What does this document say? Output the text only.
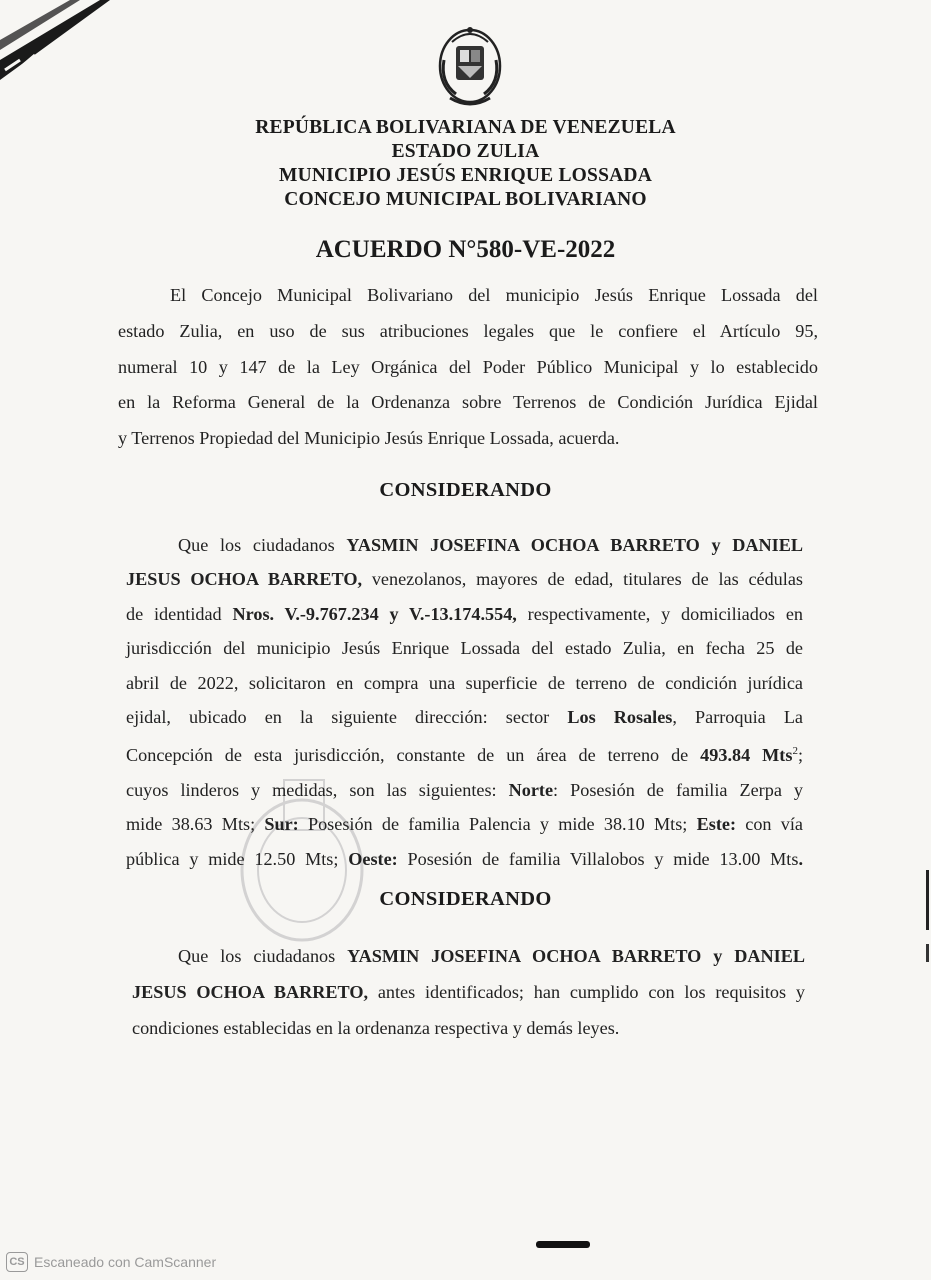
REPÚBLICA BOLIVARIANA DE VENEZUELA
ESTADO ZULIA
MUNICIPIO JESÚS ENRIQUE LOSSADA
CONCEJO MUNICIPAL BOLIVARIANO
ACUERDO N°580-VE-2022
El Concejo Municipal Bolivariano del municipio Jesús Enrique Lossada del
estado Zulia, en uso de sus atribuciones legales que le confiere el Artículo 95,
numeral 10 y 147 de la Ley Orgánica del Poder Público Municipal y lo establecido
en la Reforma General de la Ordenanza sobre Terrenos de Condición Jurídica Ejidal
y Terrenos Propiedad del Municipio Jesús Enrique Lossada, acuerda.
CONSIDERANDO
Que los ciudadanos YASMIN JOSEFINA OCHOA BARRETO y DANIEL
JESUS OCHOA BARRETO, venezolanos, mayores de edad, titulares de las cédulas
de identidad Nros. V.-9.767.234 y V.-13.174.554, respectivamente, y domiciliados en
jurisdicción del municipio Jesús Enrique Lossada del estado Zulia, en fecha 25 de
abril de 2022, solicitaron en compra una superficie de terreno de condición jurídica
ejidal, ubicado en la siguiente dirección: sector Los Rosales, Parroquia La
Concepción de esta jurisdicción, constante de un área de terreno de 493.84 Mts$^2$;
cuyos linderos y medidas, son las siguientes: Norte: Posesión de familia Zerpa y
mide 38.63 Mts; Sur: Posesión de familia Palencia y mide 38.10 Mts; Este: con vía
pública y mide 12.50 Mts; Oeste: Posesión de familia Villalobos y mide 13.00 Mts.
CONSIDERANDO
Que los ciudadanos YASMIN JOSEFINA OCHOA BARRETO y DANIEL
JESUS OCHOA BARRETO, antes identificados; han cumplido con los requisitos y
condiciones establecidas en la ordenanza respectiva y demás leyes.
CS Escaneado con CamScanner
